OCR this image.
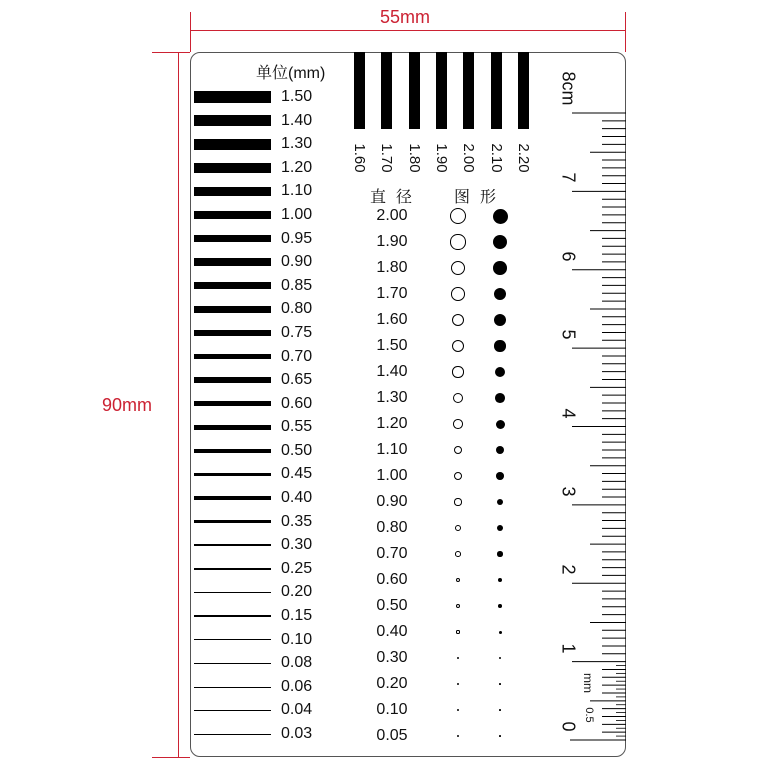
55mm
90mm
单位(mm)
1.50
1.40
1.30
1.20
1.10
1.00
0.95
0.90
0.85
0.80
0.75
0.70
0.65
0.60
0.55
0.50
0.45
0.40
0.35
0.30
0.25
0.20
0.15
0.10
0.08
0.06
0.04
0.03
1.60 1.70 1.80 1.90 2.00 2.10 2.20
直径 图形
2.00
1.90
1.80
1.70
1.60
1.50
1.40
1.30
1.20
1.10
1.00
0.90
0.80
0.70
0.60
0.50
0.40
0.30
0.20
0.10
0.05
7
6
5
4
3
2
1
0
8cm
mm
0.5
